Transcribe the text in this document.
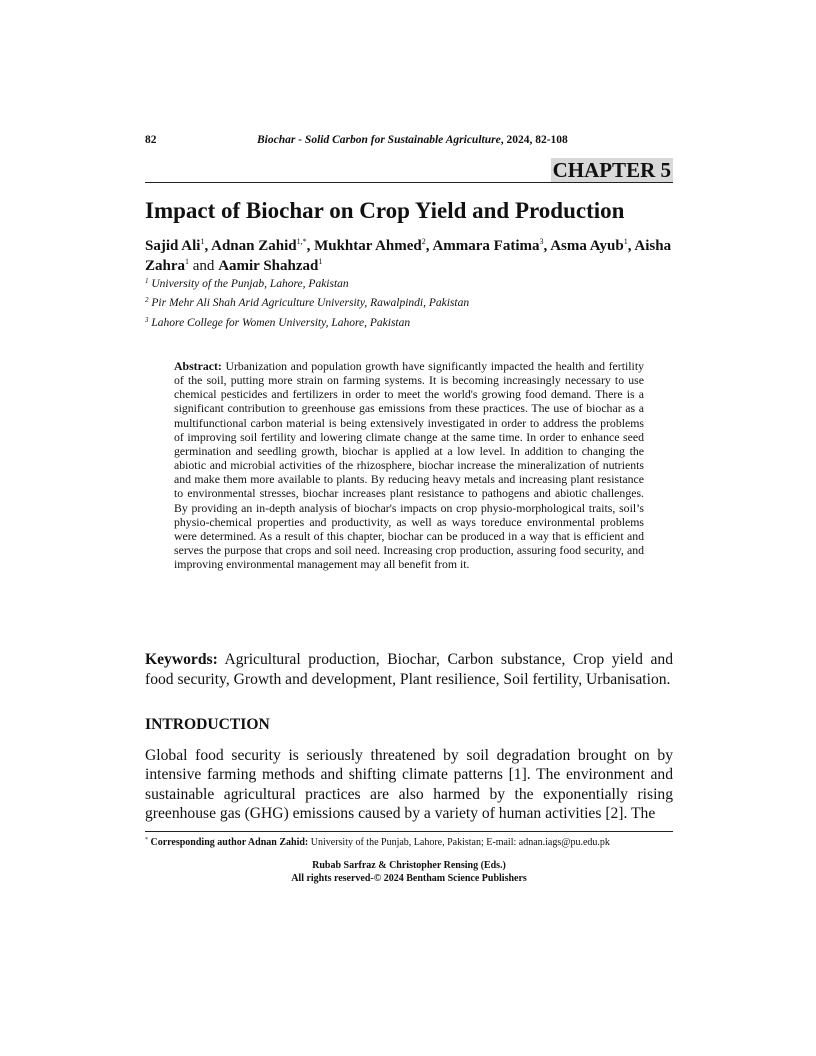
82	Biochar - Solid Carbon for Sustainable Agriculture, 2024, 82-108
CHAPTER 5
Impact of Biochar on Crop Yield and Production
Sajid Ali$^1$, Adnan Zahid$^{1,*}$, Mukhtar Ahmed$^2$, Ammara Fatima$^3$, Asma Ayub$^1$, Aisha Zahra$^1$ and Aamir Shahzad$^1$
$^1$ University of the Punjab, Lahore, Pakistan
$^2$ Pir Mehr Ali Shah Arid Agriculture University, Rawalpindi, Pakistan
$^3$ Lahore College for Women University, Lahore, Pakistan
Abstract: Urbanization and population growth have significantly impacted the health and fertility of the soil, putting more strain on farming systems. It is becoming increasingly necessary to use chemical pesticides and fertilizers in order to meet the world's growing food demand. There is a significant contribution to greenhouse gas emissions from these practices. The use of biochar as a multifunctional carbon material is being extensively investigated in order to address the problems of improving soil fertility and lowering climate change at the same time. In order to enhance seed germination and seedling growth, biochar is applied at a low level. In addition to changing the abiotic and microbial activities of the rhizosphere, biochar increase the mineralization of nutrients and make them more available to plants. By reducing heavy metals and increasing plant resistance to environmental stresses, biochar increases plant resistance to pathogens and abiotic challenges. By providing an in-depth analysis of biochar's impacts on crop physio-morphological traits, soil’s physio-chemical properties and productivity, as well as ways toreduce environmental problems were determined. As a result of this chapter, biochar can be produced in a way that is efficient and serves the purpose that crops and soil need. Increasing crop production, assuring food security, and improving environmental management may all benefit from it.
Keywords: Agricultural production, Biochar, Carbon substance, Crop yield and food security, Growth and development, Plant resilience, Soil fertility, Urbanisation.
INTRODUCTION
Global food security is seriously threatened by soil degradation brought on by intensive farming methods and shifting climate patterns [1]. The environment and sustainable agricultural practices are also harmed by the exponentially rising greenhouse gas (GHG) emissions caused by a variety of human activities [2]. The
* Corresponding author Adnan Zahid: University of the Punjab, Lahore, Pakistan; E-mail: adnan.iags@pu.edu.pk
Rubab Sarfraz & Christopher Rensing (Eds.)
All rights reserved-© 2024 Bentham Science Publishers
